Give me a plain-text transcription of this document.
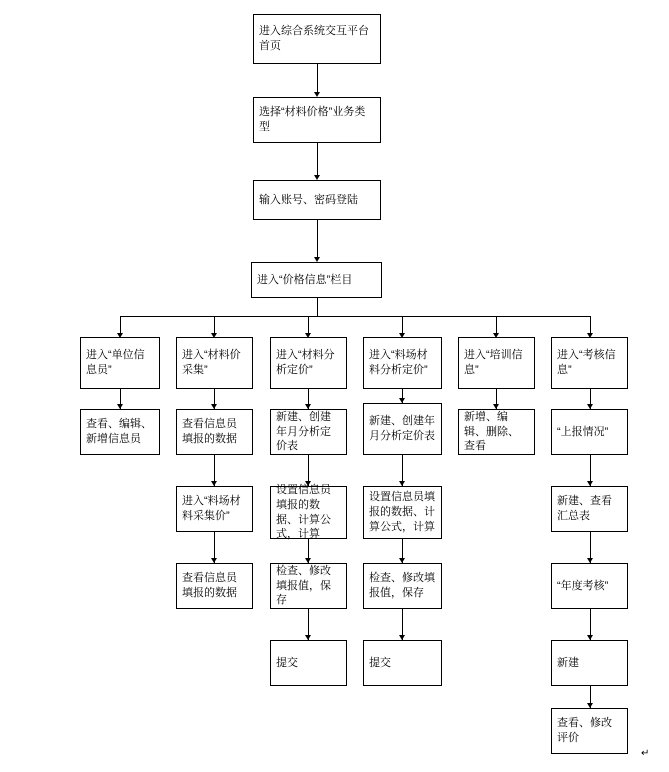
进入综合系统交互平台首页
选择“材料价格”业务类型
输入账号、密码登陆
进入“价格信息”栏目
进入“单位信息员”
进入“材料价采集”
进入“材料分析定价”
进入“料场材料分析定价”
进入“培训信息”
进入“考核信息”
查看、编辑、新增信息员
查看信息员填报的数据
进入“料场材料采集价”
查看信息员填报的数据
新建、创建年月分析定价表
设置信息员填报的数据、计算公式，计算
检查、修改填报值，保存
提交
新建、创建年月分析定价表
设置信息员填报的数据、计算公式，计算
检查、修改填报值，保存
提交
新增、编辑、删除、查看
“上报情况”
新建、查看汇总表
“年度考核”
新建
查看、修改评价
↵
